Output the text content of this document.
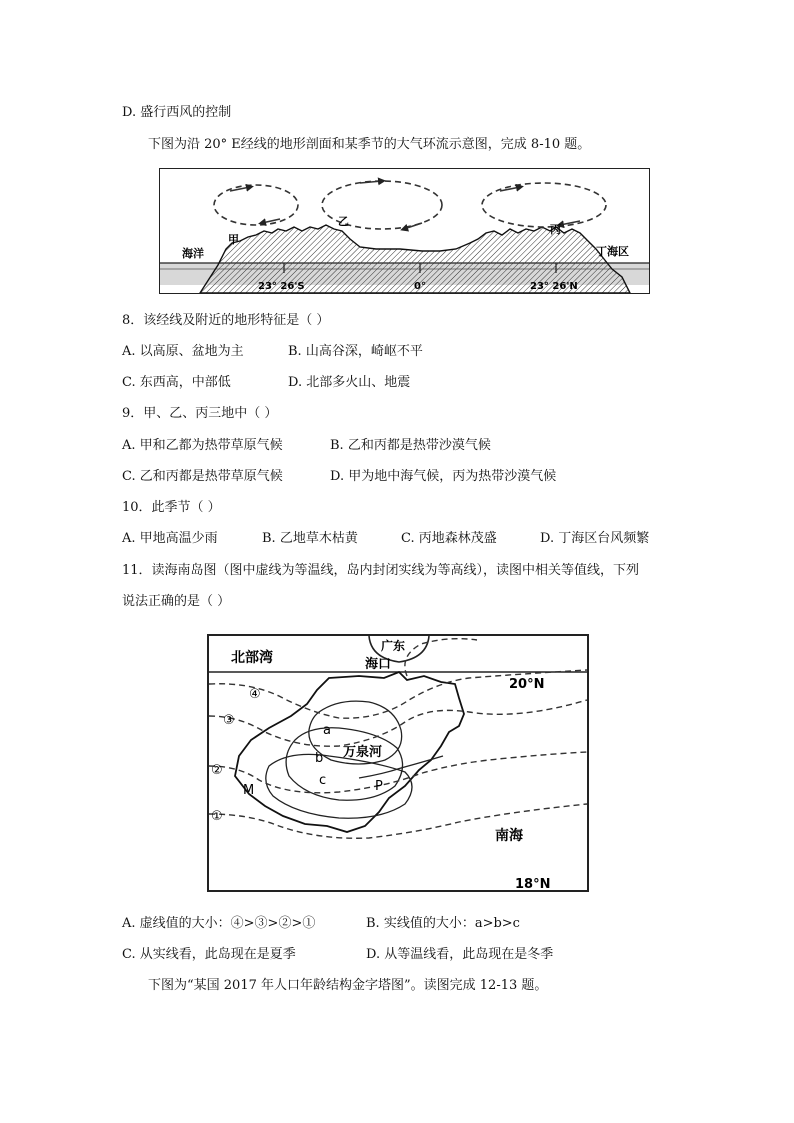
D. 盛行西风的控制
下图为沿 20° E经线的地形剖面和某季节的大气环流示意图，完成 8-10 题。
海洋
甲
乙
丙
丁海区
23° 26'S	0°	23° 26'N
8．该经线及附近的地形特征是（ ）
A. 以高原、盆地为主	B. 山高谷深，崎岖不平
C. 东西高，中部低	D. 北部多火山、地震
9．甲、乙、丙三地中（ ）
A. 甲和乙都为热带草原气候	B. 乙和丙都是热带沙漠气候
C. 乙和丙都是热带草原气候	D. 甲为地中海气候，丙为热带沙漠气候
10．此季节（ ）
A. 甲地高温少雨	B. 乙地草木枯黄	C. 丙地森林茂盛	D. 丁海区台风频繁
11．读海南岛图（图中虚线为等温线，岛内封闭实线为等高线），读图中相关等值线，下列
说法正确的是（ ）
北部湾
广东
海口
20°N
④
③
②
①
a
b
c
万泉河
M	P
南海
18°N
A. 虚线值的大小：④>③>②>①	B. 实线值的大小：a>b>c
C. 从实线看，此岛现在是夏季	D. 从等温线看，此岛现在是冬季
下图为“某国 2017 年人口年龄结构金字塔图”。读图完成 12-13 题。
